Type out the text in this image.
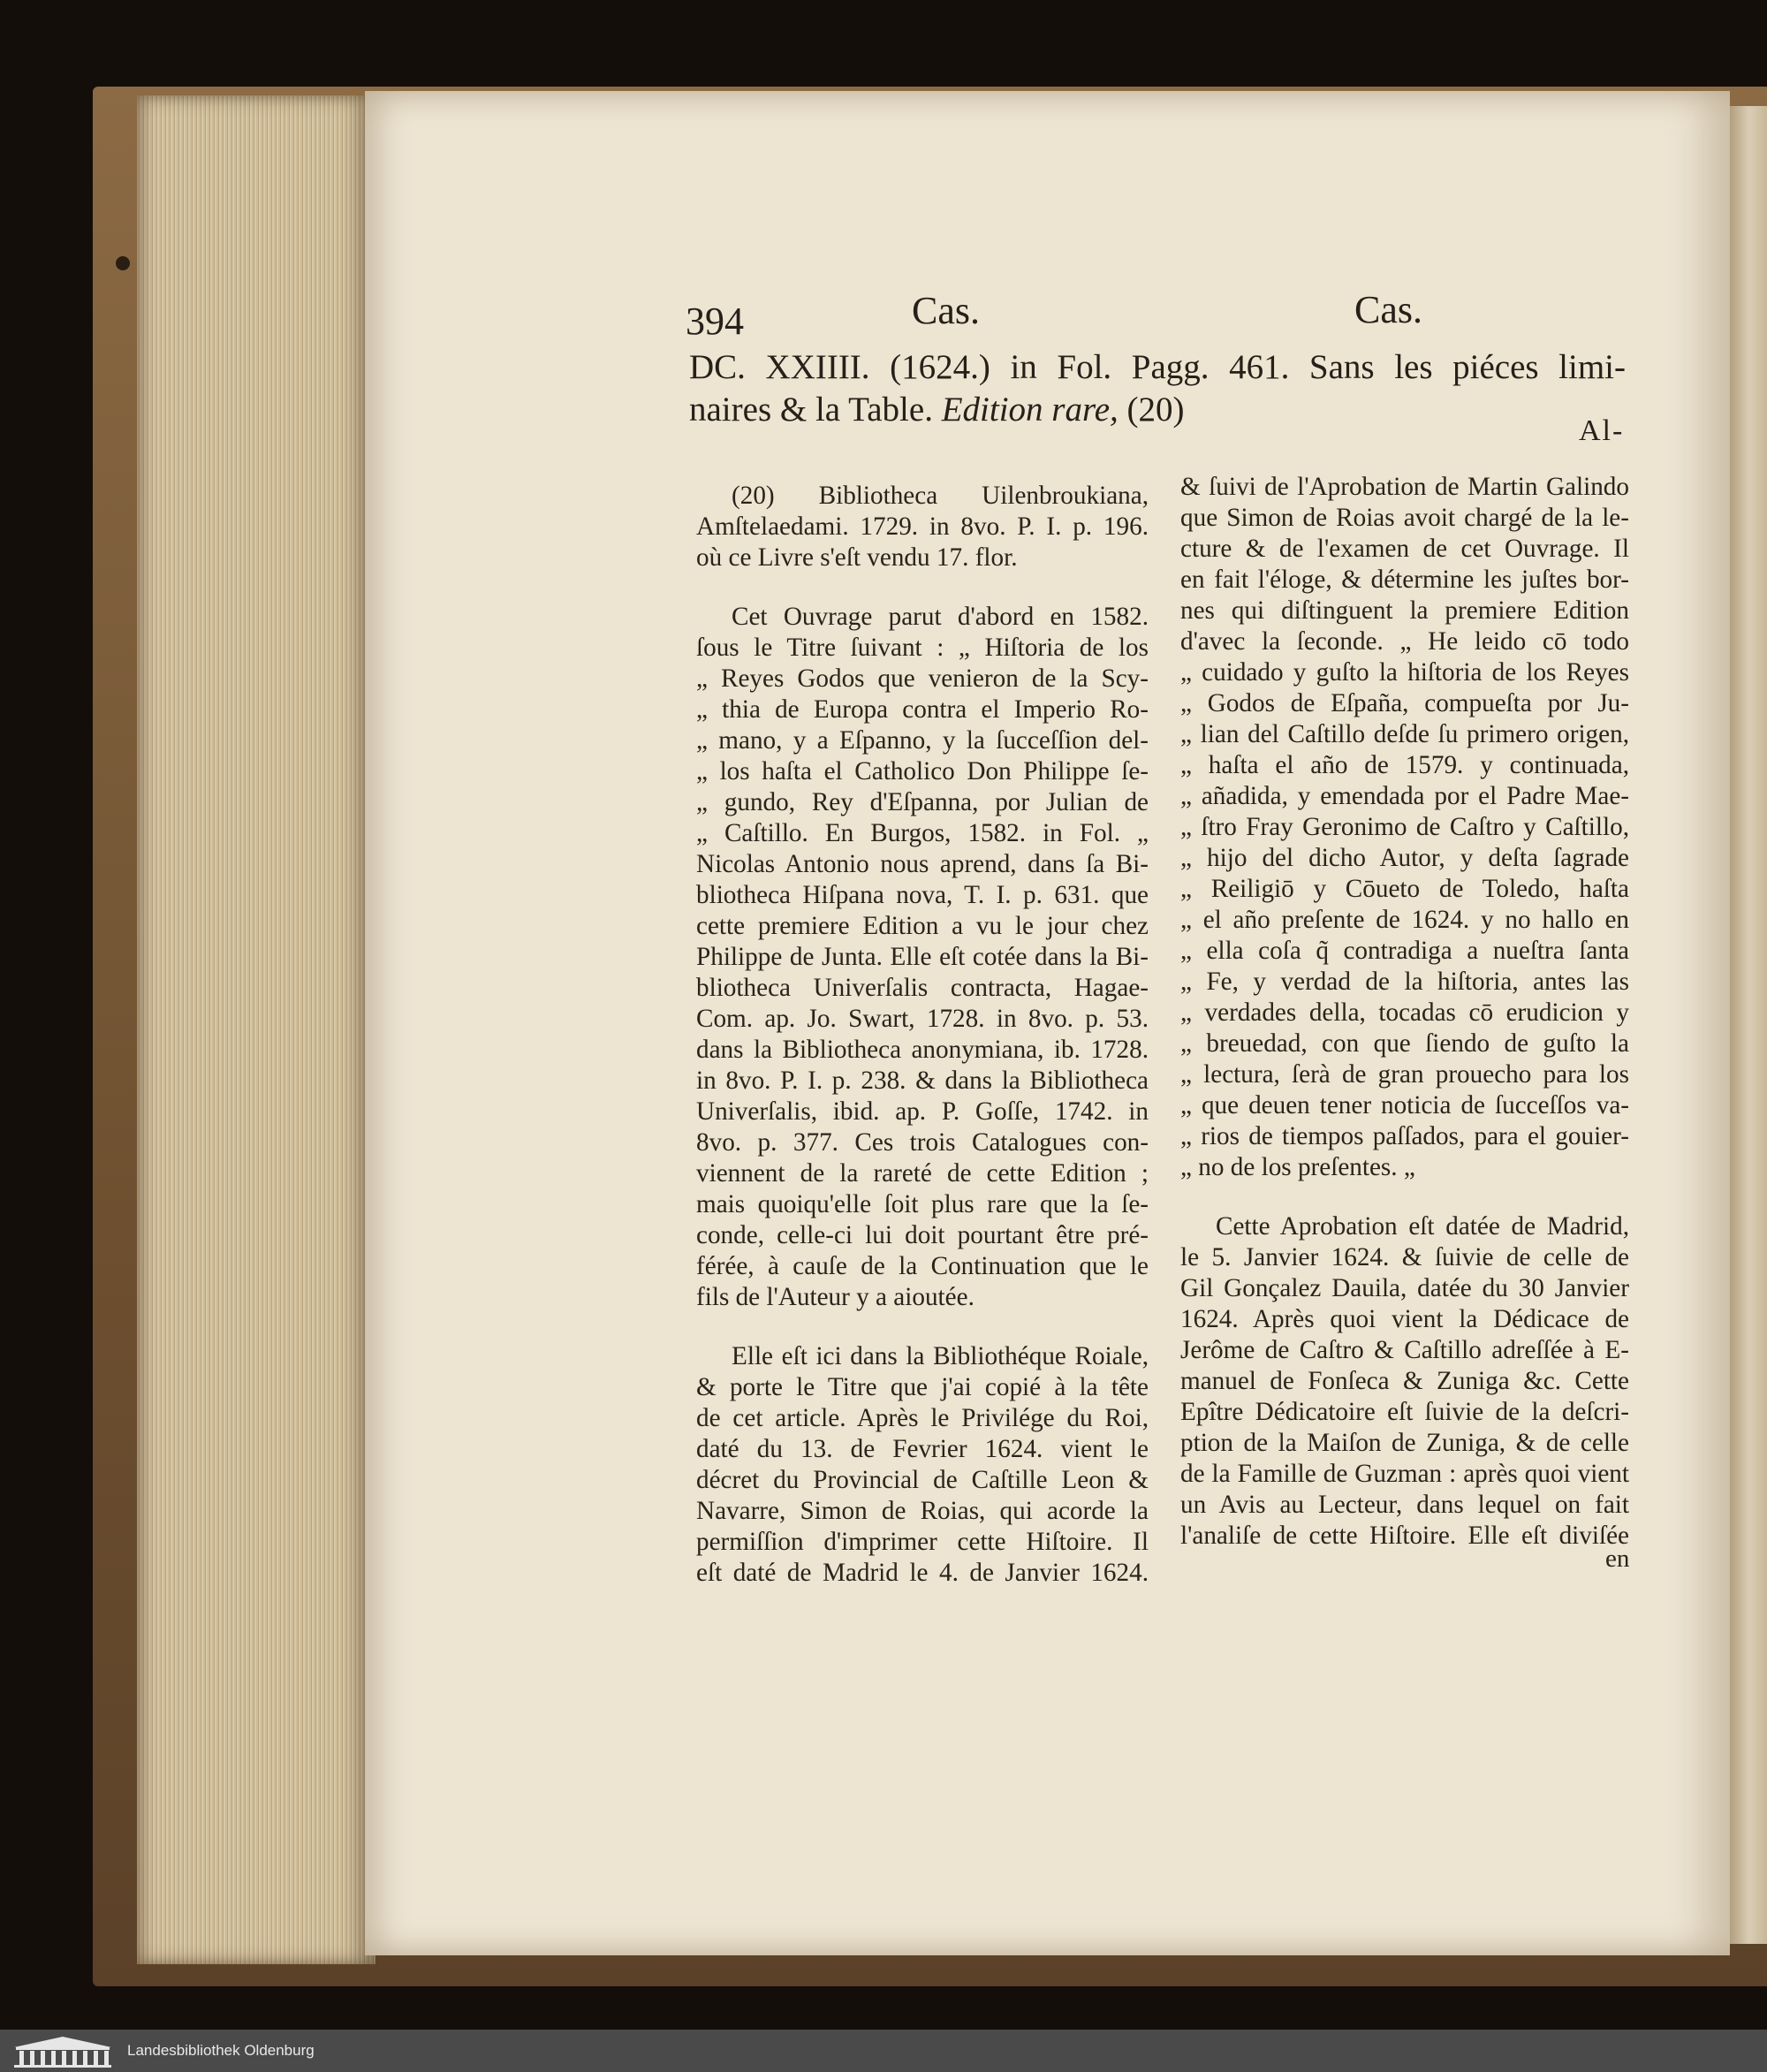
394	Cas.	Cas.
DC. XXIIII. (1624.) in Fol. Pagg. 461. Sans les piéces limi-
naires & la Table. Edition rare, (20)
Al-
(20) Bibliotheca Uilenbroukiana,
Amſtelaedami. 1729. in 8vo. P. I. p. 196.
où ce Livre s'eſt vendu 17. flor.
Cet Ouvrage parut d'abord en 1582.
ſous le Titre ſuivant : „ Hiſtoria de los
„ Reyes Godos que venieron de la Scy-
„ thia de Europa contra el Imperio Ro-
„ mano, y a Eſpanno, y la ſucceſſion del-
„ los haſta el Catholico Don Philippe ſe-
„ gundo, Rey d'Eſpanna, por Julian de
„ Caſtillo. En Burgos, 1582. in Fol. „
Nicolas Antonio nous aprend, dans ſa Bi-
bliotheca Hiſpana nova, T. I. p. 631. que
cette premiere Edition a vu le jour chez
Philippe de Junta. Elle eſt cotée dans la Bi-
bliotheca Univerſalis contracta, Hagae-
Com. ap. Jo. Swart, 1728. in 8vo. p. 53.
dans la Bibliotheca anonymiana, ib. 1728.
in 8vo. P. I. p. 238. & dans la Bibliotheca
Univerſalis, ibid. ap. P. Goſſe, 1742. in
8vo. p. 377. Ces trois Catalogues con-
viennent de la rareté de cette Edition ;
mais quoiqu'elle ſoit plus rare que la ſe-
conde, celle-ci lui doit pourtant être pré-
férée, à cauſe de la Continuation que le
fils de l'Auteur y a aioutée.
Elle eſt ici dans la Bibliothéque Roiale,
& porte le Titre que j'ai copié à la tête
de cet article. Après le Privilége du Roi,
daté du 13. de Fevrier 1624. vient le
décret du Provincial de Caſtille Leon &
Navarre, Simon de Roias, qui acorde la
permiſſion d'imprimer cette Hiſtoire. Il
eſt daté de Madrid le 4. de Janvier 1624.
& ſuivi de l'Aprobation de Martin Galindo
que Simon de Roias avoit chargé de la le-
cture & de l'examen de cet Ouvrage. Il
en fait l'éloge, & détermine les juſtes bor-
nes qui diſtinguent la premiere Edition
d'avec la ſeconde. „ He leido cō todo
„ cuidado y guſto la hiſtoria de los Reyes
„ Godos de Eſpaña, compueſta por Ju-
„ lian del Caſtillo deſde ſu primero origen,
„ haſta el año de 1579. y continuada,
„ añadida, y emendada por el Padre Mae-
„ ſtro Fray Geronimo de Caſtro y Caſtillo,
„ hijo del dicho Autor, y deſta ſagrade
„ Reiligiō y Cōueto de Toledo, haſta
„ el año preſente de 1624. y no hallo en
„ ella coſa q̃ contradiga a nueſtra ſanta
„ Fe, y verdad de la hiſtoria, antes las
„ verdades della, tocadas cō erudicion y
„ breuedad, con que ſiendo de guſto la
„ lectura, ſerà de gran prouecho para los
„ que deuen tener noticia de ſucceſſos va-
„ rios de tiempos paſſados, para el gouier-
„ no de los preſentes. „
Cette Aprobation eſt datée de Madrid,
le 5. Janvier 1624. & ſuivie de celle de
Gil Gonçalez Dauila, datée du 30 Janvier
1624. Après quoi vient la Dédicace de
Jerôme de Caſtro & Caſtillo adreſſée à E-
manuel de Fonſeca & Zuniga &c. Cette
Epître Dédicatoire eſt ſuivie de la deſcri-
ption de la Maiſon de Zuniga, & de celle
de la Famille de Guzman : après quoi vient
un Avis au Lecteur, dans lequel on fait
l'analiſe de cette Hiſtoire. Elle eſt diviſée
en
Landesbibliothek Oldenburg
